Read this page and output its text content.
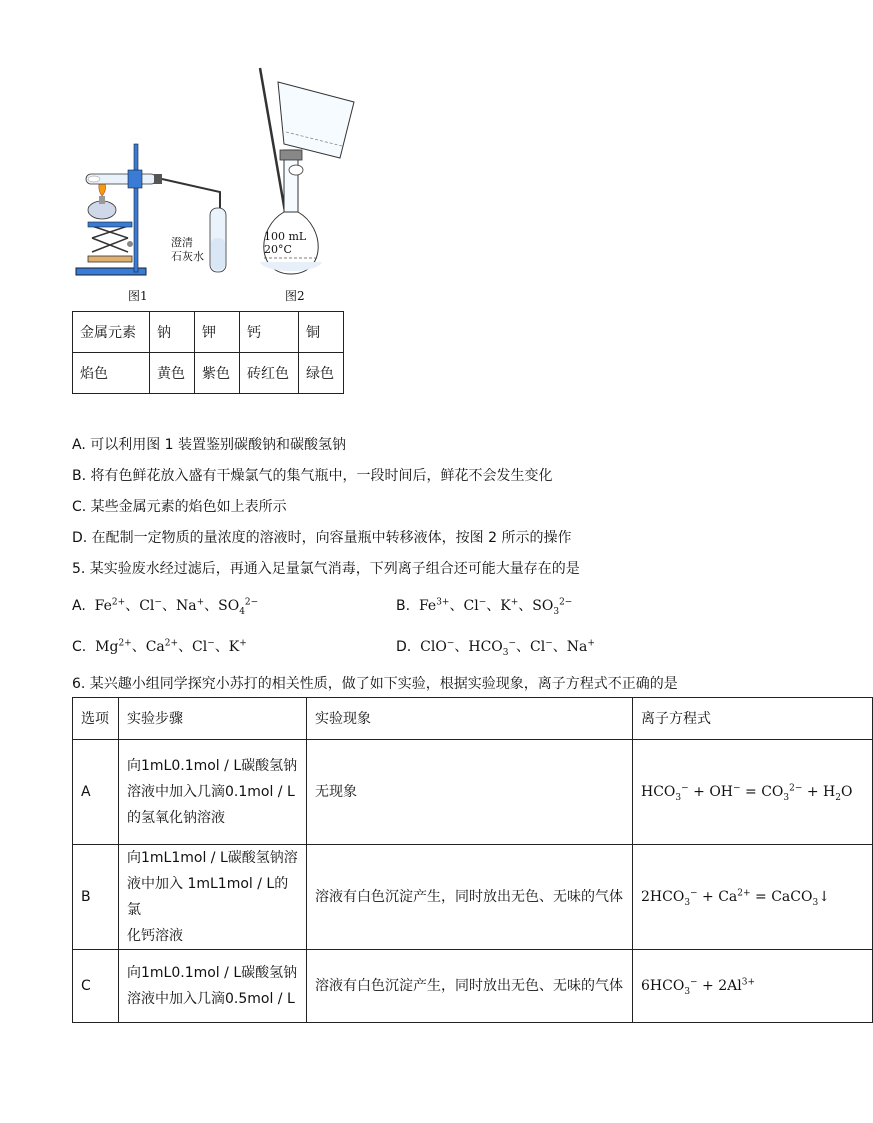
澄清
石灰水
图1
100 mL
20°C
图2
金属元素	钠	钾	钙	铜
焰色	黄色	紫色	砖红色	绿色
A. 可以利用图 1 装置鉴别碳酸钠和碳酸氢钠
B. 将有色鲜花放入盛有干燥氯气的集气瓶中，一段时间后，鲜花不会发生变化
C. 某些金属元素的焰色如上表所示
D. 在配制一定物质的量浓度的溶液时，向容量瓶中转移液体，按图 2 所示的操作
5. 某实验废水经过滤后，再通入足量氯气消毒，下列离子组合还可能大量存在的是
A.  $Fe^{2+}$、Cl−、Na+、$SO_4^{2-}$	B.  $Fe^{3+}$、Cl−、K+、$SO_3^{2-}$
C.  $Mg^{2+}$、$Ca^{2+}$、Cl−、K+	D.  ClO−、$HCO_3^-$、Cl−、Na+
6. 某兴趣小组同学探究小苏打的相关性质，做了如下实验，根据实验现象，离子方程式不正确的是
选项	实验步骤	实验现象	离子方程式
A	向1mL0.1mol / L碳酸氢钠
溶液中加入几滴0.1mol / L
的氢氧化钠溶液	无现象	$HCO_3^- + OH^- = CO_3^{2-} + H_2O$
B	向1mL1mol / L碳酸氢钠溶
液中加入 1mL1mol / L的氯
化钙溶液	溶液有白色沉淀产生，同时放出无色、无味的气体	$2HCO_3^- + Ca^{2+}$ = CaCO$_3$↓
C	向1mL0.1mol / L碳酸氢钠
溶液中加入几滴0.5mol / L	溶液有白色沉淀产生，同时放出无色、无味的气体	$6HCO_3^- + 2Al^{3+}$
